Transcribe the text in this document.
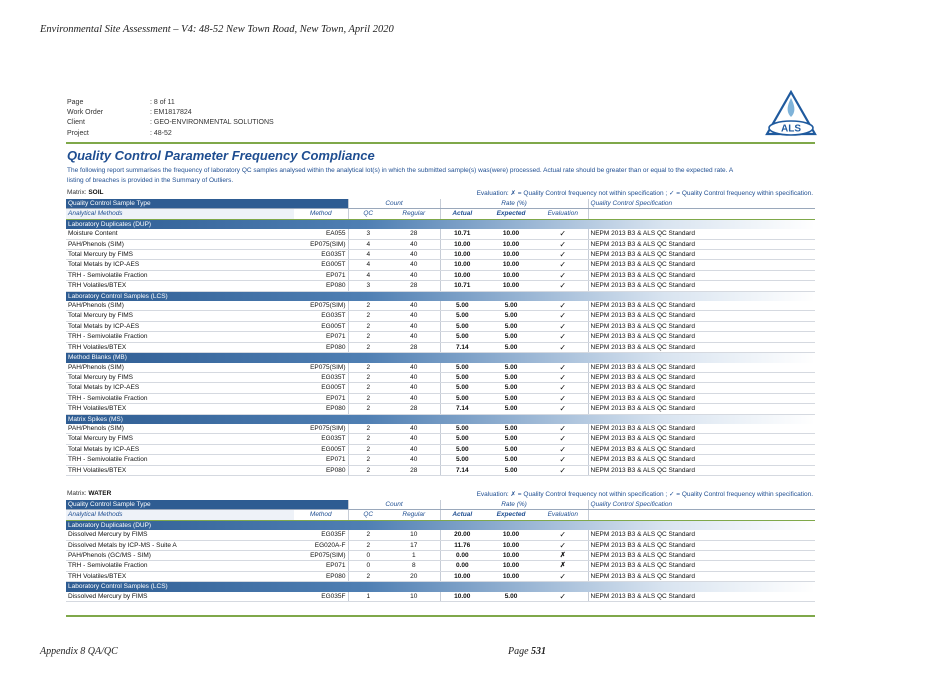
Environmental Site Assessment – V4: 48-52 New Town Road, New Town, April 2020
Page	: 8 of 11
Work Order	: EM1817824
Client	: GEO-ENVIRONMENTAL SOLUTIONS
Project	: 48-52	ALS
Quality Control Parameter Frequency Compliance
The following report summarises the frequency of laboratory QC samples analysed within the analytical lot(s) in which the submitted sample(s) was(were) processed. Actual rate should be greater than or equal to the expected rate. A listing of breaches is provided in the Summary of Outliers.
Matrix: SOIL	Evaluation: ✗ = Quality Control frequency not within specification ; ✓ = Quality Control frequency within specification.
Quality Control Sample Type		Count		Rate (%)			Quality Control Specification
Analytical Methods	Method	QC	Regular	Actual	Expected	Evaluation	
Laboratory Duplicates (DUP)							
Moisture Content	EA055	3	28	10.71	10.00	✓	NEPM 2013 B3 & ALS QC Standard
PAH/Phenols (SIM)	EP075(SIM)	4	40	10.00	10.00	✓	NEPM 2013 B3 & ALS QC Standard
Total Mercury by FIMS	EG035T	4	40	10.00	10.00	✓	NEPM 2013 B3 & ALS QC Standard
Total Metals by ICP-AES	EG005T	4	40	10.00	10.00	✓	NEPM 2013 B3 & ALS QC Standard
TRH - Semivolatile Fraction	EP071	4	40	10.00	10.00	✓	NEPM 2013 B3 & ALS QC Standard
TRH Volatiles/BTEX	EP080	3	28	10.71	10.00	✓	NEPM 2013 B3 & ALS QC Standard
Laboratory Control Samples (LCS)							
PAH/Phenols (SIM)	EP075(SIM)	2	40	5.00	5.00	✓	NEPM 2013 B3 & ALS QC Standard
Total Mercury by FIMS	EG035T	2	40	5.00	5.00	✓	NEPM 2013 B3 & ALS QC Standard
Total Metals by ICP-AES	EG005T	2	40	5.00	5.00	✓	NEPM 2013 B3 & ALS QC Standard
TRH - Semivolatile Fraction	EP071	2	40	5.00	5.00	✓	NEPM 2013 B3 & ALS QC Standard
TRH Volatiles/BTEX	EP080	2	28	7.14	5.00	✓	NEPM 2013 B3 & ALS QC Standard
Method Blanks (MB)							
PAH/Phenols (SIM)	EP075(SIM)	2	40	5.00	5.00	✓	NEPM 2013 B3 & ALS QC Standard
Total Mercury by FIMS	EG035T	2	40	5.00	5.00	✓	NEPM 2013 B3 & ALS QC Standard
Total Metals by ICP-AES	EG005T	2	40	5.00	5.00	✓	NEPM 2013 B3 & ALS QC Standard
TRH - Semivolatile Fraction	EP071	2	40	5.00	5.00	✓	NEPM 2013 B3 & ALS QC Standard
TRH Volatiles/BTEX	EP080	2	28	7.14	5.00	✓	NEPM 2013 B3 & ALS QC Standard
Matrix Spikes (MS)							
PAH/Phenols (SIM)	EP075(SIM)	2	40	5.00	5.00	✓	NEPM 2013 B3 & ALS QC Standard
Total Mercury by FIMS	EG035T	2	40	5.00	5.00	✓	NEPM 2013 B3 & ALS QC Standard
Total Metals by ICP-AES	EG005T	2	40	5.00	5.00	✓	NEPM 2013 B3 & ALS QC Standard
TRH - Semivolatile Fraction	EP071	2	40	5.00	5.00	✓	NEPM 2013 B3 & ALS QC Standard
TRH Volatiles/BTEX	EP080	2	28	7.14	5.00	✓	NEPM 2013 B3 & ALS QC Standard
Matrix: WATER	Evaluation: ✗ = Quality Control frequency not within specification ; ✓ = Quality Control frequency within specification.
Quality Control Sample Type		Count		Rate (%)			Quality Control Specification
Analytical Methods	Method	QC	Regular	Actual	Expected	Evaluation	
Laboratory Duplicates (DUP)							
Dissolved Mercury by FIMS	EG035F	2	10	20.00	10.00	✓	NEPM 2013 B3 & ALS QC Standard
Dissolved Metals by ICP-MS - Suite A	EG020A-F	2	17	11.76	10.00	✓	NEPM 2013 B3 & ALS QC Standard
PAH/Phenols (GC/MS - SIM)	EP075(SIM)	0	1	0.00	10.00	✗	NEPM 2013 B3 & ALS QC Standard
TRH - Semivolatile Fraction	EP071	0	8	0.00	10.00	✗	NEPM 2013 B3 & ALS QC Standard
TRH Volatiles/BTEX	EP080	2	20	10.00	10.00	✓	NEPM 2013 B3 & ALS QC Standard
Laboratory Control Samples (LCS)							
Dissolved Mercury by FIMS	EG035F	1	10	10.00	5.00	✓	NEPM 2013 B3 & ALS QC Standard
Appendix 8 QA/QC	Page 531
